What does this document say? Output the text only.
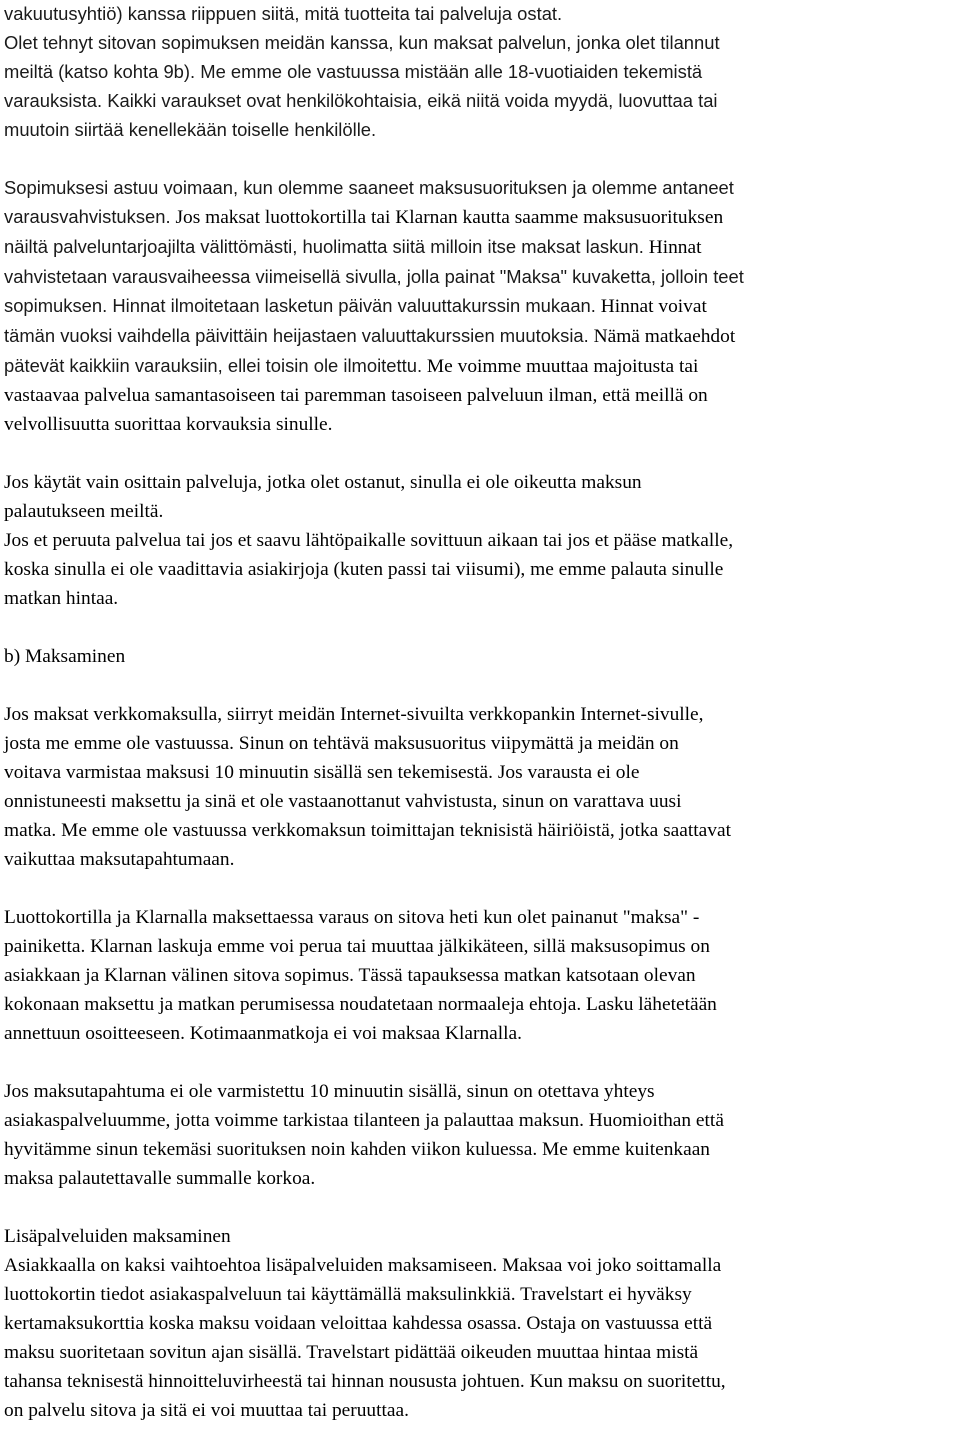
vakuutusyhtiö) kanssa riippuen siitä, mitä tuotteita tai palveluja ostat.
Olet tehnyt sitovan sopimuksen meidän kanssa, kun maksat palvelun, jonka olet tilannut
meiltä (katso kohta 9b). Me emme ole vastuussa mistään alle 18-vuotiaiden tekemistä
varauksista. Kaikki varaukset ovat henkilökohtaisia, eikä niitä voida myydä, luovuttaa tai
muutoin siirtää kenellekään toiselle henkilölle.
Sopimuksesi astuu voimaan, kun olemme saaneet maksusuorituksen ja olemme antaneet
varausvahvistuksen. Jos maksat luottokortilla tai Klarnan kautta saamme maksusuorituksen
näiltä palveluntarjoajilta välittömästi, huolimatta siitä milloin itse maksat laskun. Hinnat
vahvistetaan varausvaiheessa viimeisellä sivulla, jolla painat "Maksa" kuvaketta, jolloin teet
sopimuksen. Hinnat ilmoitetaan lasketun päivän valuuttakurssin mukaan. Hinnat voivat
tämän vuoksi vaihdella päivittäin heijastaen valuuttakurssien muutoksia. Nämä matkaehdot
pätevät kaikkiin varauksiin, ellei toisin ole ilmoitettu. Me voimme muuttaa majoitusta tai
vastaavaa palvelua samantasoiseen tai paremman tasoiseen palveluun ilman, että meillä on
velvollisuutta suorittaa korvauksia sinulle.
Jos käytät vain osittain palveluja, jotka olet ostanut, sinulla ei ole oikeutta maksun
palautukseen meiltä.
Jos et peruuta palvelua tai jos et saavu lähtöpaikalle sovittuun aikaan tai jos et pääse matkalle,
koska sinulla ei ole vaadittavia asiakirjoja (kuten passi tai viisumi), me emme palauta sinulle
matkan hintaa.
b) Maksaminen
Jos maksat verkkomaksulla, siirryt meidän Internet-sivuilta verkkopankin Internet-sivulle,
josta me emme ole vastuussa. Sinun on tehtävä maksusuoritus viipymättä ja meidän on
voitava varmistaa maksusi 10 minuutin sisällä sen tekemisestä. Jos varausta ei ole
onnistuneesti maksettu ja sinä et ole vastaanottanut vahvistusta, sinun on varattava uusi
matka. Me emme ole vastuussa verkkomaksun toimittajan teknisistä häiriöistä, jotka saattavat
vaikuttaa maksutapahtumaan.
Luottokortilla ja Klarnalla maksettaessa varaus on sitova heti kun olet painanut "maksa" -
painiketta. Klarnan laskuja emme voi perua tai muuttaa jälkikäteen, sillä maksusopimus on
asiakkaan ja Klarnan välinen sitova sopimus. Tässä tapauksessa matkan katsotaan olevan
kokonaan maksettu ja matkan perumisessa noudatetaan normaaleja ehtoja. Lasku lähetetään
annettuun osoitteeseen. Kotimaanmatkoja ei voi maksaa Klarnalla.
Jos maksutapahtuma ei ole varmistettu 10 minuutin sisällä, sinun on otettava yhteys
asiakaspalveluumme, jotta voimme tarkistaa tilanteen ja palauttaa maksun. Huomioithan että
hyvitämme sinun tekemäsi suorituksen noin kahden viikon kuluessa. Me emme kuitenkaan
maksa palautettavalle summalle korkoa.
Lisäpalveluiden maksaminen
Asiakkaalla on kaksi vaihtoehtoa lisäpalveluiden maksamiseen. Maksaa voi joko soittamalla
luottokortin tiedot asiakaspalveluun tai käyttämällä maksulinkkiä. Travelstart ei hyväksy
kertamaksukorttia koska maksu voidaan veloittaa kahdessa osassa. Ostaja on vastuussa että
maksu suoritetaan sovitun ajan sisällä. Travelstart pidättää oikeuden muuttaa hintaa mistä
tahansa teknisestä hinnoitteluvirheestä tai hinnan noususta johtuen. Kun maksu on suoritettu,
on palvelu sitova ja sitä ei voi muuttaa tai peruuttaa.
